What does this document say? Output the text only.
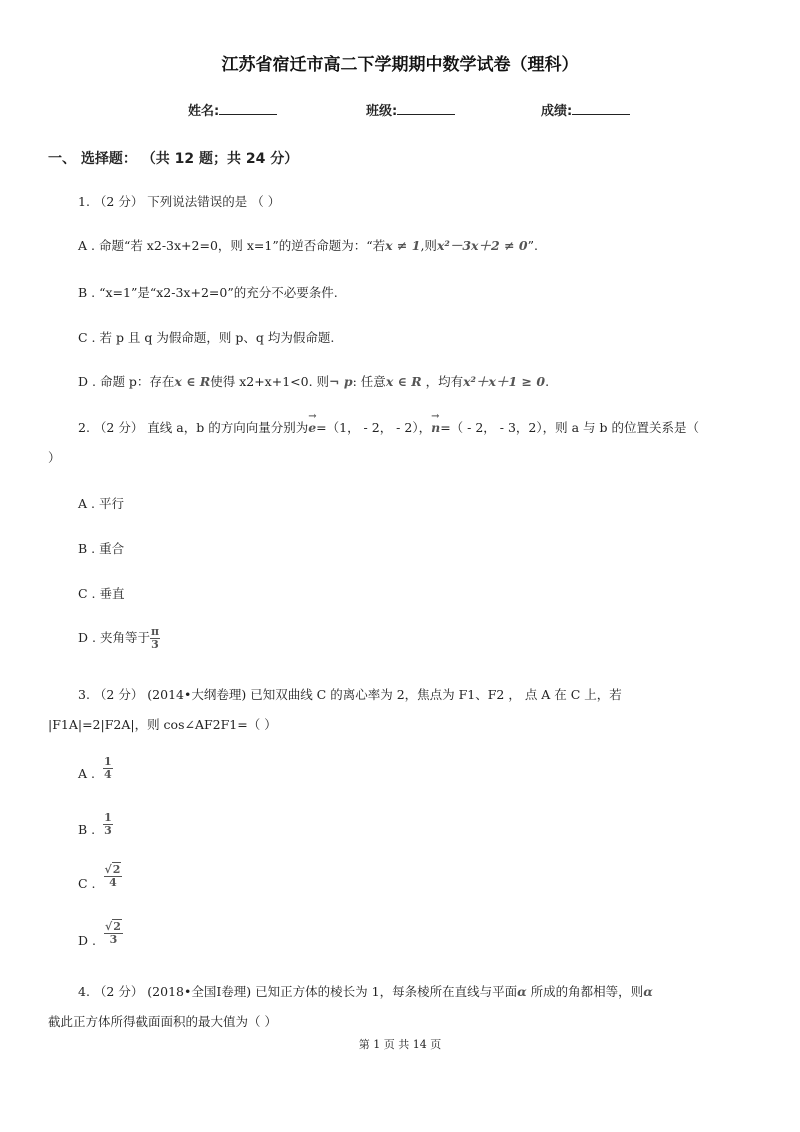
江苏省宿迁市高二下学期期中数学试卷（理科）
姓名:	班级:	成绩:
一、 选择题： （共 12 题；共 24 分）
1. （2 分） 下列说法错误的是 （ ）
A . 命题“若 x2-3x+2=0，则 x=1”的逆否命题为：“若x ≠ 1,则x²－3x＋2 ≠ 0”.
B . “x=1”是“x2-3x+2=0”的充分不必要条件.
C . 若 p 且 q 为假命题，则 p、q 均为假命题.
D . 命题 p：存在x ∈ R使得 x2+x+1<0. 则¬ p: 任意x ∈ R ，均有x²＋x＋1 ≥ 0.
2. （2 分） 直线 a，b 的方向向量分别为
→
e=（1， - 2， - 2），
→
n=（ - 2， - 3，2），则 a 与 b 的位置关系是（
）
A . 平行
B . 重合
C . 垂直
D . 夹角等于 $\frac{\pi}{3}$
3. （2 分） (2014•大纲卷理) 已知双曲线 C 的离心率为 2，焦点为 F1、F2 ， 点 A 在 C 上，若
|F1A|=2|F2A|，则 cos∠AF2F1=（ ）
A . $\frac{1}{4}$
B . $\frac{1}{3}$
C . $\frac{√2}{4}$
D . $\frac{√2}{3}$
4. （2 分） (2018•全国Ⅰ卷理) 已知正方体的棱长为 1，每条棱所在直线与平面α 所成的角都相等，则α
截此正方体所得截面面积的最大值为（ ）
第 1 页 共 14 页
